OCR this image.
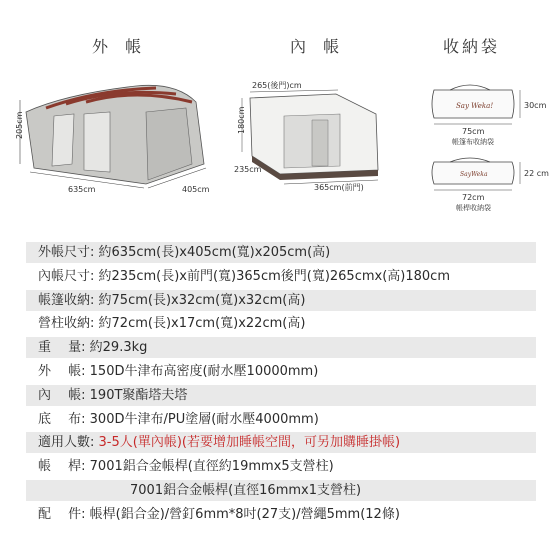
外 帳	內 帳	收納袋
205cm
635cm	405cm
265(後門)cm
180cm
235cm
365cm(前門)
Say Weka!	30cm
75cm
帳篷布收納袋
SayWeka	22 cm
72cm
帳桿收納袋
外帳尺寸: 約635cm(長)x405cm(寬)x205cm(高)
內帳尺寸: 約235cm(長)x前門(寬)365cm後門(寬)265cmx(高)180cm
帳篷收納: 約75cm(長)x32cm(寬)x32cm(高)
營柱收納: 約72cm(長)x17cm(寬)x22cm(高)
重　 量: 約29.3kg
外　 帳: 150D牛津布高密度(耐水壓10000mm)
內　 帳: 190T聚酯塔夫塔
底　 布: 300D牛津布/PU塗層(耐水壓4000mm)
適用人數: 3-5人(單內帳)(若要增加睡帳空間，可另加購睡掛帳)
帳　 桿: 7001鋁合金帳桿(直徑約19mmx5支營柱)
7001鋁合金帳桿(直徑16mmx1支營柱)
配　 件: 帳桿(鋁合金)/營釘6mm*8吋(27支)/營繩5mm(12條)
